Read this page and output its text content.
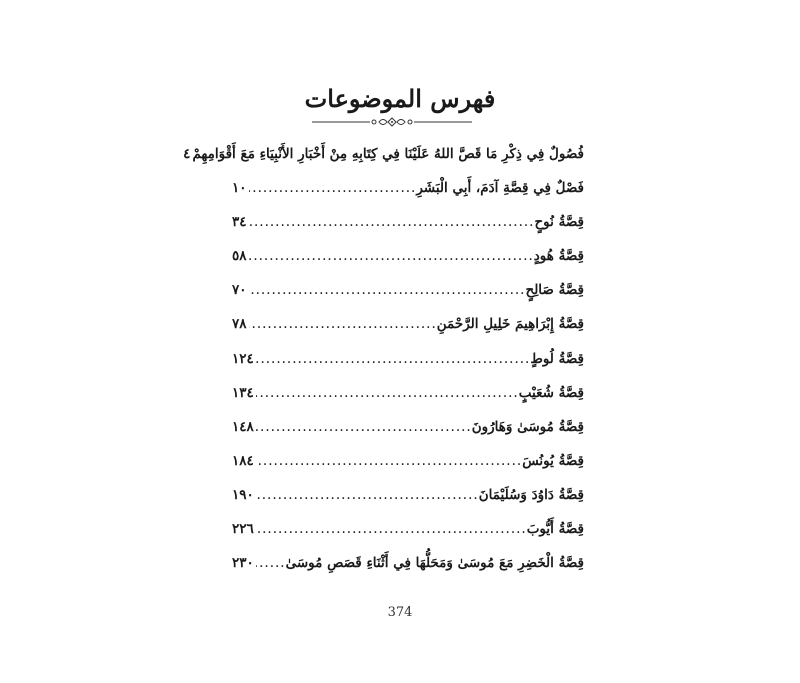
فهرس الموضوعات
فُصُولٌ فِي ذِكْرِ مَا قَصَّ اللهُ عَلَيْنَا فِي كِتَابِهِ مِنْ أَخْبَارِ الأَنْبِيَاءِ مَعَ أَقْوَامِهِمْ
٤
فَصْلٌ فِي قِصَّةِ آدَمَ، أَبِي الْبَشَرِ
.....
١٠
قِصَّةُ نُوحٍ
.....
٣٤
قِصَّةُ هُودٍ
.....
٥٨
قِصَّةُ صَالِحٍ
.....
٧٠
قِصَّةُ إِبْرَاهِيمَ خَلِيلِ الرَّحْمَنِ
.....
٧٨
قِصَّةُ لُوطٍ
.....
١٢٤
قِصَّةُ شُعَيْبٍ
.....
١٣٤
قِصَّةُ مُوسَىٰ وَهَارُونَ
.....
١٤٨
قِصَّةُ يُونُسَ
.....
١٨٤
قِصَّةُ دَاوُدَ وَسُلَيْمَانَ
.....
١٩٠
قِصَّةُ أَيُّوبَ
.....
٢٢٦
قِصَّةُ الْخَضِرِ مَعَ مُوسَىٰ وَمَحَلُّهَا فِي أَثْنَاءِ قَصَصِ مُوسَىٰ
.....
٢٣٠
374
